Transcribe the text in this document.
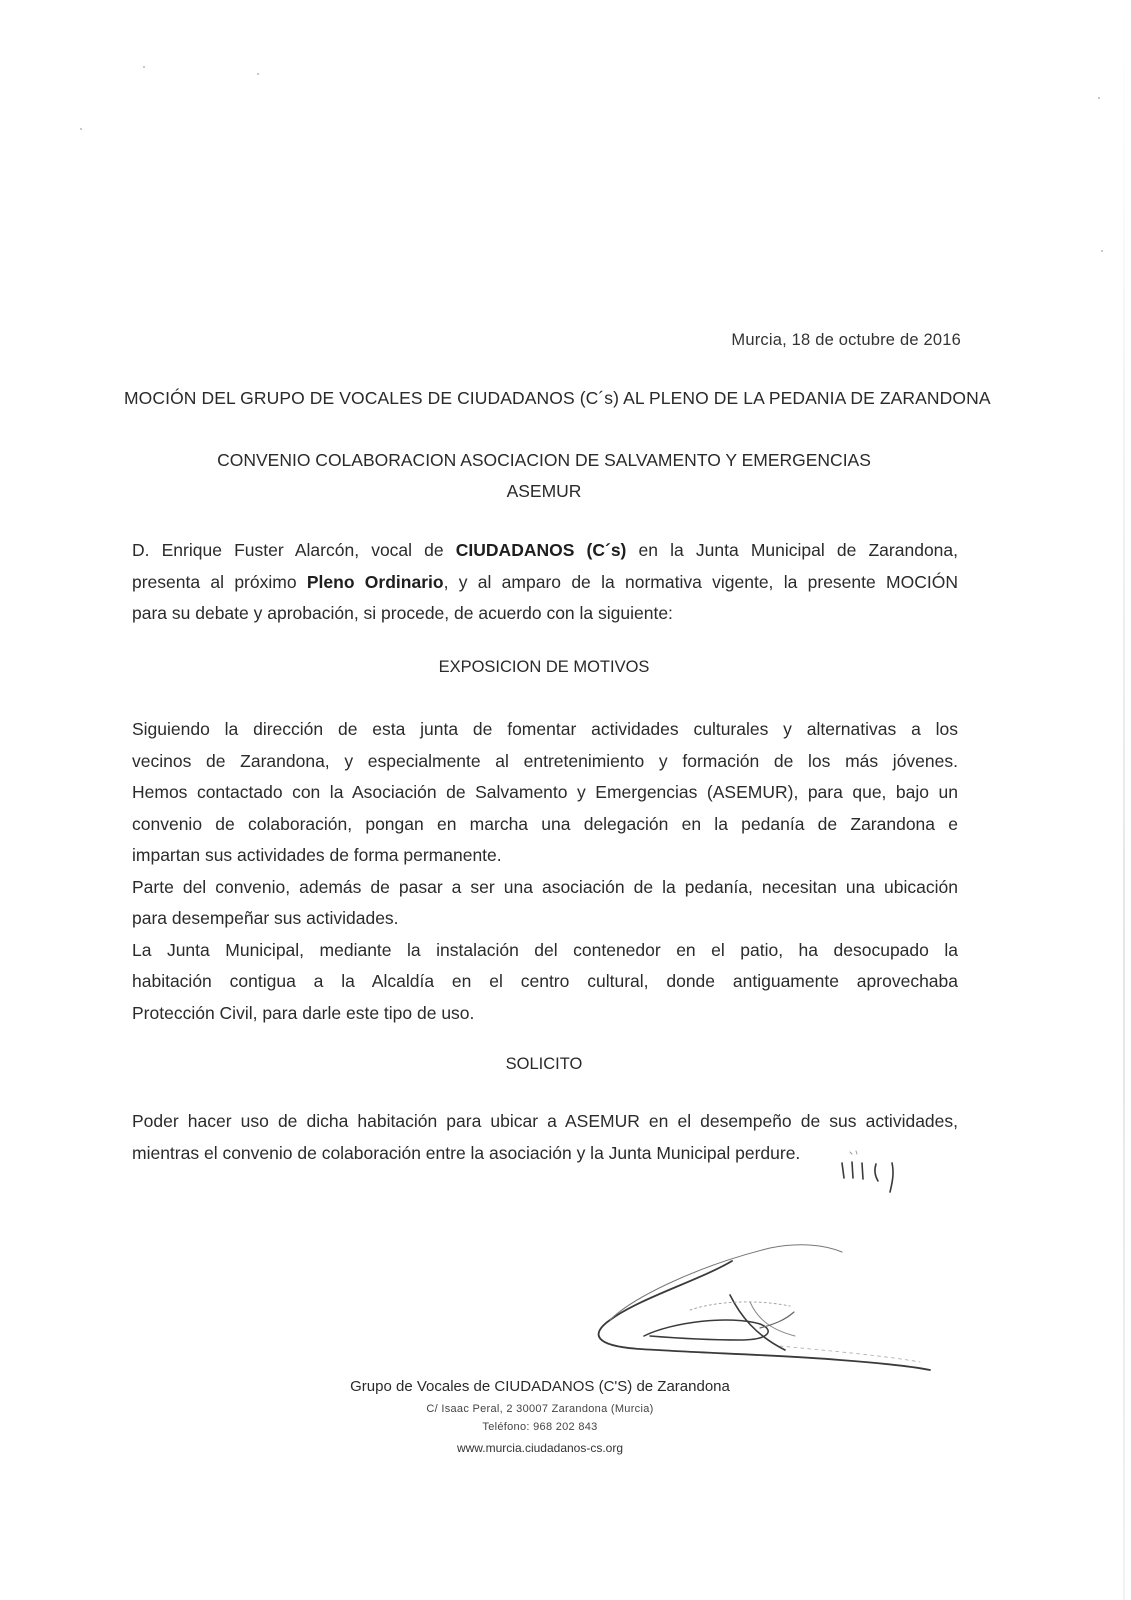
Murcia, 18 de octubre de 2016
MOCIÓN DEL GRUPO DE VOCALES DE CIUDADANOS (C´s) AL PLENO DE LA PEDANIA DE ZARANDONA
CONVENIO COLABORACION ASOCIACION DE SALVAMENTO Y EMERGENCIAS
ASEMUR
D. Enrique Fuster Alarcón, vocal de CIUDADANOS (C´s) en la Junta Municipal de Zarandona,
presenta al próximo Pleno Ordinario, y al amparo de la normativa vigente, la presente MOCIÓN
para su debate y aprobación, si procede, de acuerdo con la siguiente:
EXPOSICION DE MOTIVOS
Siguiendo la dirección de esta junta de fomentar actividades culturales y alternativas a los
vecinos de Zarandona, y especialmente al entretenimiento y formación de los más jóvenes.
Hemos contactado con la Asociación de Salvamento y Emergencias (ASEMUR), para que, bajo un
convenio de colaboración, pongan en marcha una delegación en la pedanía de Zarandona e
impartan sus actividades de forma permanente.
Parte del convenio, además de pasar a ser una asociación de la pedanía, necesitan una ubicación
para desempeñar sus actividades.
La Junta Municipal, mediante la instalación del contenedor en el patio, ha desocupado la
habitación contigua a la Alcaldía en el centro cultural, donde antiguamente aprovechaba
Protección Civil, para darle este tipo de uso.
SOLICITO
Poder hacer uso de dicha habitación para ubicar a ASEMUR en el desempeño de sus actividades,
mientras el convenio de colaboración entre la asociación y la Junta Municipal perdure.
Grupo de Vocales de CIUDADANOS (C'S) de Zarandona
C/ Isaac Peral, 2 30007 Zarandona (Murcia)
Teléfono: 968 202 843
www.murcia.ciudadanos-cs.org
